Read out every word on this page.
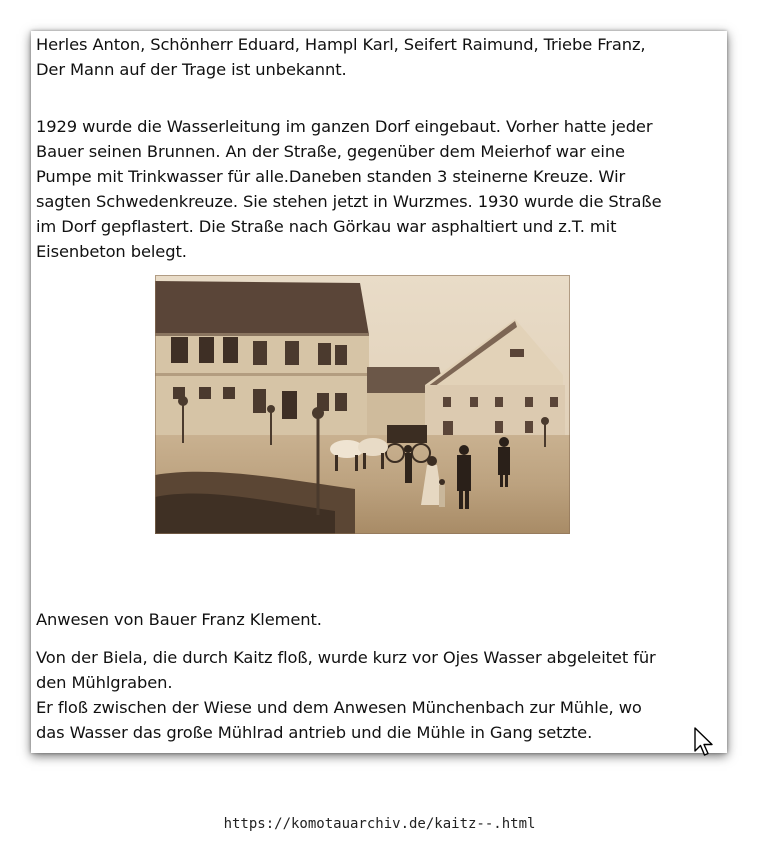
Herles Anton, Schönherr Eduard, Hampl Karl, Seifert Raimund, Triebe Franz,
Der Mann auf der Trage ist unbekannt.

1929 wurde die Wasserleitung im ganzen Dorf eingebaut. Vorher hatte jeder
Bauer seinen Brunnen. An der Straße, gegenüber dem Meierhof war eine
Pumpe mit Trinkwasser für alle.Daneben standen 3 steinerne Kreuze. Wir
sagten Schwedenkreuze. Sie stehen jetzt in Wurzmes. 1930 wurde die Straße
im Dorf gepflastert. Die Straße nach Görkau war asphaltiert und z.T. mit
Eisenbeton belegt.

Anwesen von Bauer Franz Klement.

Von der Biela, die durch Kaitz floß, wurde kurz vor Ojes Wasser abgeleitet für
den Mühlgraben.
Er floß zwischen der Wiese und dem Anwesen Münchenbach zur Mühle, wo
das Wasser das große Mühlrad antrieb und die Mühle in Gang setzte.

https://komotauarchiv.de/kaitz--.html
